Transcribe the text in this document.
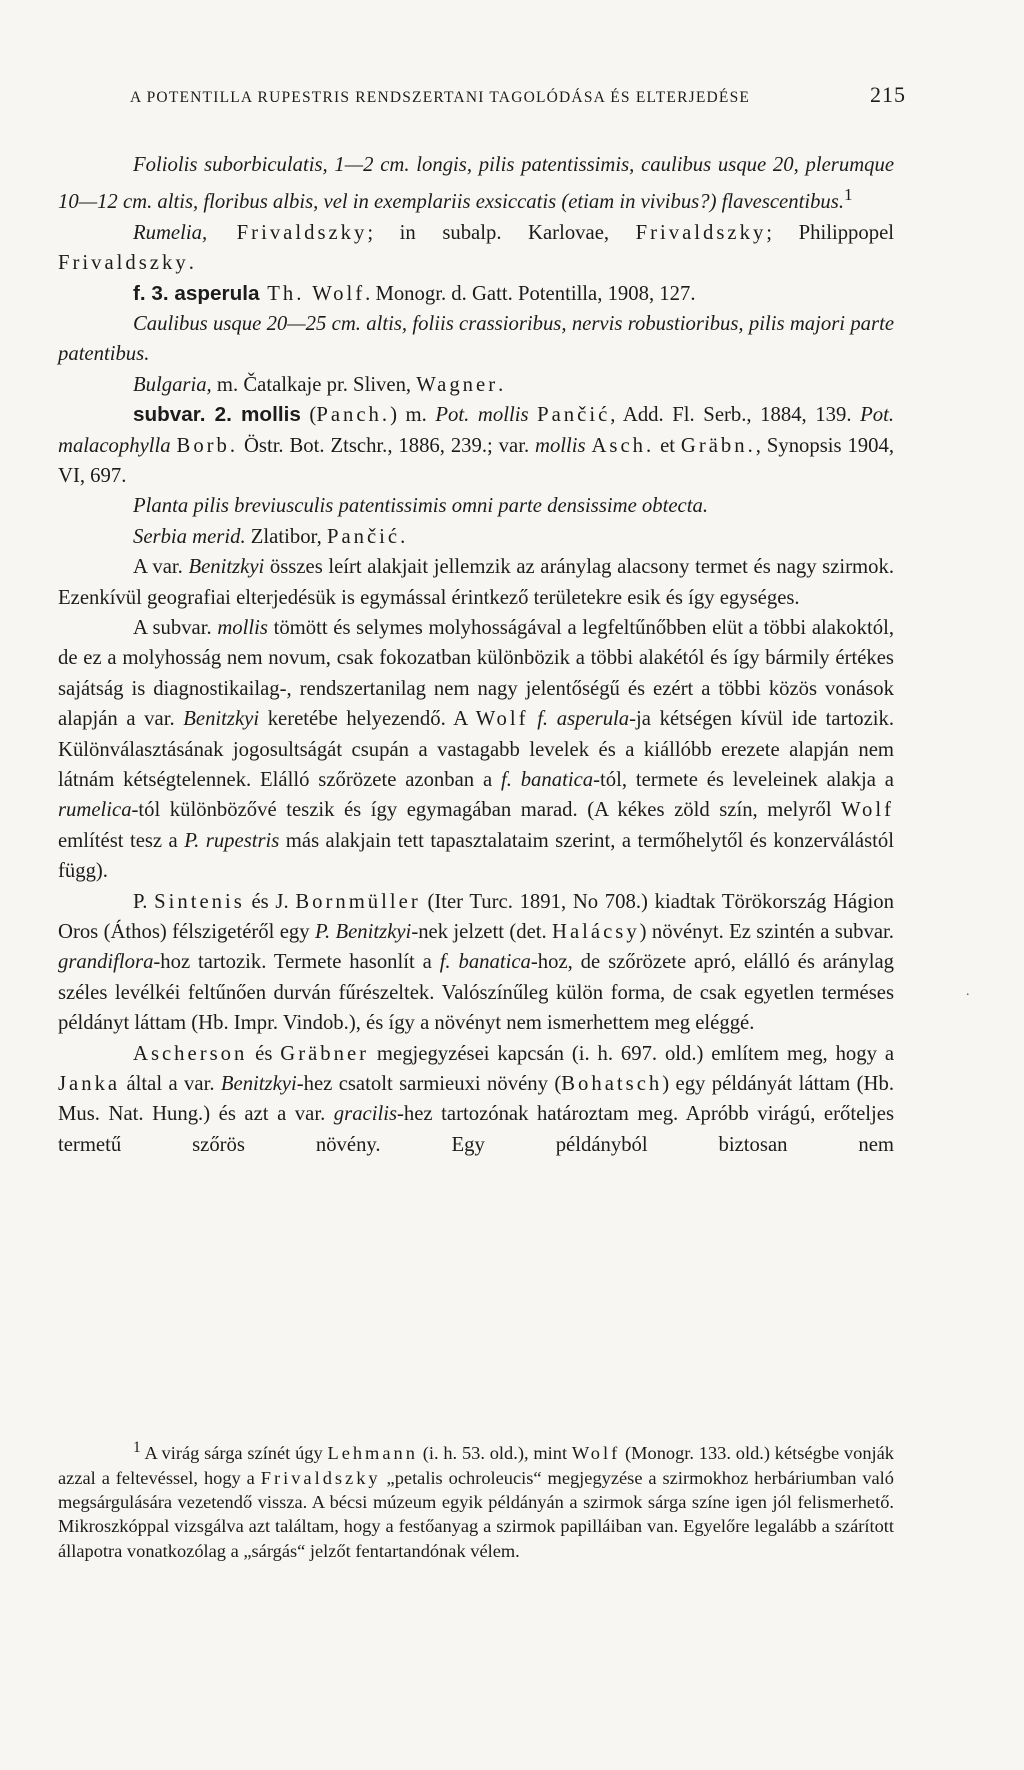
A POTENTILLA RUPESTRIS RENDSZERTANI TAGOLÓDÁSA ÉS ELTERJEDÉSE	215

Foliolis suborbiculatis, 1—2 cm. longis, pilis patentissimis, caulibus usque 20, plerumque 10—12 cm. altis, floribus albis, vel in exemplariis exsiccatis (etiam in vivibus?) flavescentibus.$^1$
Rumelia, Frivaldszky; in subalp. Karlovae, Frivaldszky; Philippopel Frivaldszky.

f. 3. asperula Th. Wolf. Monogr. d. Gatt. Potentilla, 1908, 127.

Caulibus usque 20—25 cm. altis, foliis crassioribus, nervis robustioribus, pilis majori parte patentibus.

Bulgaria, m. Čatalkaje pr. Sliven, Wagner.

subvar. 2. mollis (Panch.) m. Pot. mollis Pančić, Add. Fl. Serb., 1884, 139. Pot. malacophylla Borb. Östr. Bot. Ztschr., 1886, 239.; var. mollis Asch. et Gräbn., Synopsis 1904, VI, 697.

Planta pilis breviusculis patentissimis omni parte densissime obtecta.

Serbia merid. Zlatibor, Pančić.

A var. Benitzkyi összes leírt alakjait jellemzik az aránylag alacsony termet és nagy szirmok. Ezenkívül geografiai elterjedésük is egymással érintkező területekre esik és így egységes.

A subvar. mollis tömött és selymes molyhosságával a legfeltűnőbben elüt a többi alakoktól, de ez a molyhosság nem novum, csak fokozatban különbözik a többi alakétól és így bármily értékes sajátság is diagnostikailag-, rendszertanilag nem nagy jelentőségű és ezért a többi közös vonások alapján a var. Benitzkyi keretébe helyezendő. A Wolf f. asperula-ja kétségen kívül ide tartozik. Különválasztásának jogosultságát csupán a vastagabb levelek és a kiállóbb erezete alapján nem látnám kétségtelennek. Elálló szőrözete azonban a f. banatica-tól, termete és leveleinek alakja a rumelica-tól különbözővé teszik és így egymagában marad. (A kékes zöld szín, melyről Wolf említést tesz a P. rupestris más alakjain tett tapasztalataim szerint, a termőhelytől és konzerválástól függ).

P. Sintenis és J. Bornmüller (Iter Turc. 1891, No 708.) kiadtak Törökország Hágion Oros (Áthos) félszigetéről egy P. Benitzkyi-nek jelzett (det. Halácsy) növényt. Ez szintén a subvar. grandiflora-hoz tartozik. Termete hasonlít a f. banatica-hoz, de szőrözete apró, elálló és aránylag széles levélkéi feltűnően durván fűrészeltek. Valószínűleg külön forma, de csak egyetlen terméses példányt láttam (Hb. Impr. Vindob.), és így a növényt nem ismerhettem meg eléggé.

Ascherson és Gräbner megjegyzései kapcsán (i. h. 697. old.) említem meg, hogy a Janka által a var. Benitzkyi-hez csatolt sarmieuxi növény (Bohatsch) egy példányát láttam (Hb. Mus. Nat. Hung.) és azt a var. gracilis-hez tartozónak határoztam meg. Apróbb virágú, erőteljes termetű szőrös növény. Egy példányból biztosan nem

$^1$ A virág sárga színét úgy Lehmann (i. h. 53. old.), mint Wolf (Monogr. 133. old.) kétségbe vonják azzal a feltevéssel, hogy a Frivaldszky „petalis ochroleucis“ megjegyzése a szirmokhoz herbáriumban való megsárgulására vezetendő vissza. A bécsi múzeum egyik példányán a szirmok sárga színe igen jól felismerhető. Mikroszkóppal vizsgálva azt találtam, hogy a festőanyag a szirmok papilláiban van. Egyelőre legalább a szárított állapotra vonatkozólag a „sárgás“ jelzőt fentartandónak vélem.

.
